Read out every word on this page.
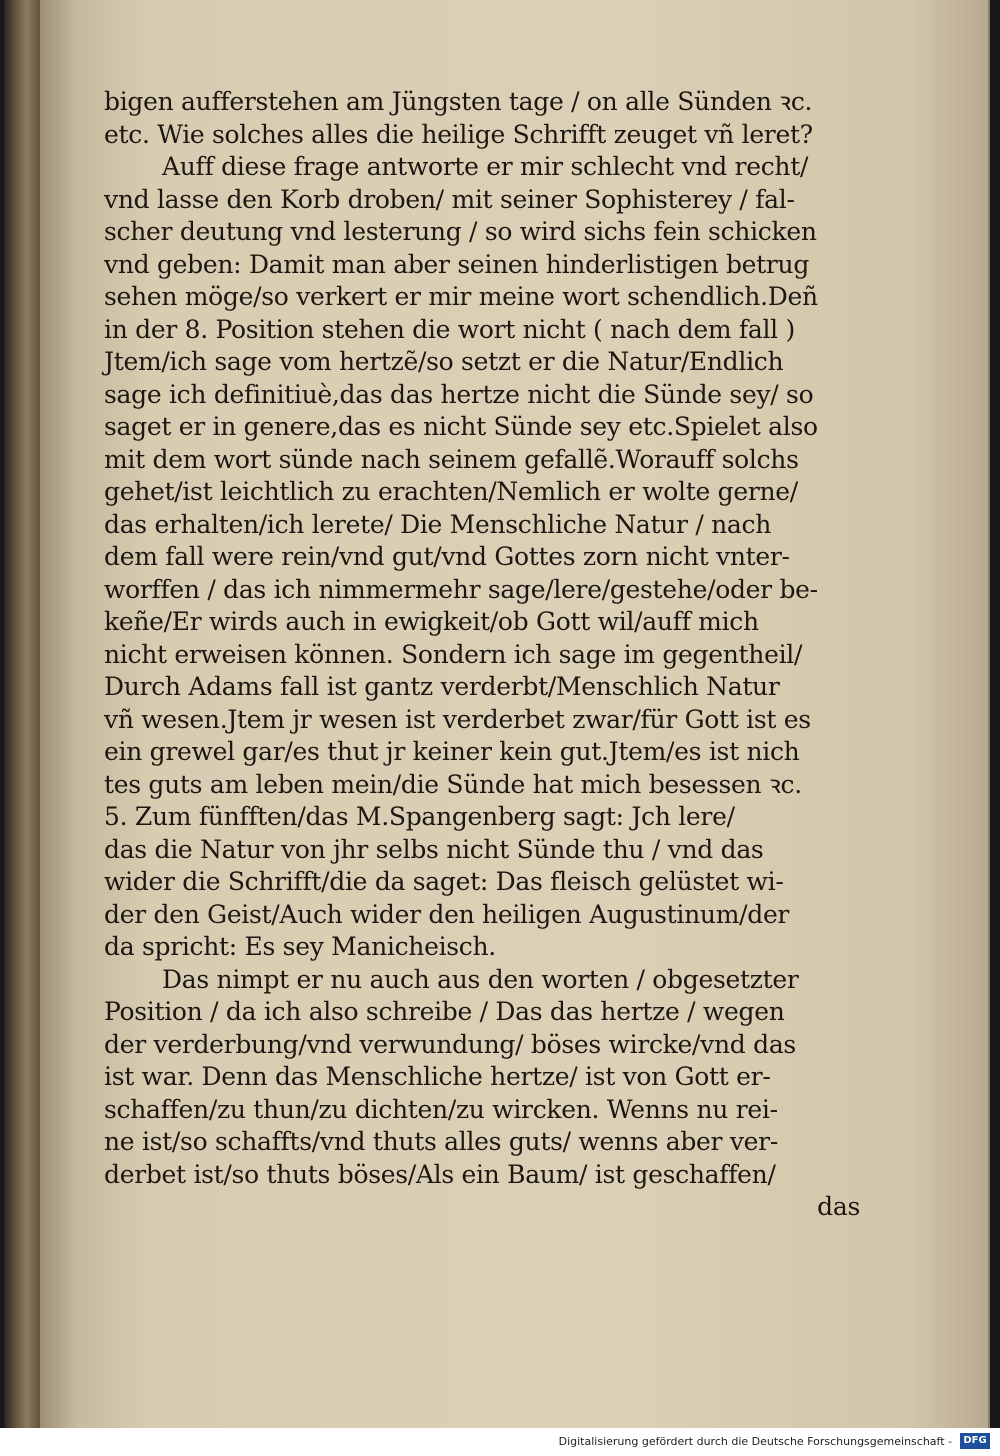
bigen aufferstehen am Jüngsten tage / on alle Sünden ꝛc.
etc. Wie solches alles die heilige Schrifft zeuget vñ leret?
Auff diese frage antworte er mir schlecht vnd recht/
vnd lasse den Korb droben/ mit seiner Sophisterey / fal-
scher deutung vnd lesterung / so wird sichs fein schicken
vnd geben: Damit man aber seinen hinderlistigen betrug
sehen möge/so verkert er mir meine wort schendlich.Deñ
in der 8. Position stehen die wort nicht ( nach dem fall )
Jtem/ich sage vom hertzẽ/so setzt er die Natur/Endlich
sage ich definitiuè,das das hertze nicht die Sünde sey/ so
saget er in genere,das es nicht Sünde sey etc.Spielet also
mit dem wort sünde nach seinem gefallẽ.Worauff solchs
gehet/ist leichtlich zu erachten/Nemlich er wolte gerne/
das erhalten/ich lerete/ Die Menschliche Natur / nach
dem fall were rein/vnd gut/vnd Gottes zorn nicht vnter-
worffen / das ich nimmermehr sage/lere/gestehe/oder be-
keñe/Er wirds auch in ewigkeit/ob Gott wil/auff mich
nicht erweisen können. Sondern ich sage im gegentheil/
Durch Adams fall ist gantz verderbt/Menschlich Natur
vñ wesen.Jtem jr wesen ist verderbet zwar/für Gott ist es
ein grewel gar/es thut jr keiner kein gut.Jtem/es ist nich
tes guts am leben mein/die Sünde hat mich besessen ꝛc.
5. Zum fünfften/das M.Spangenberg sagt: Jch lere/
das die Natur von jhr selbs nicht Sünde thu / vnd das
wider die Schrifft/die da saget: Das fleisch gelüstet wi-
der den Geist/Auch wider den heiligen Augustinum/der
da spricht: Es sey Manicheisch.
Das nimpt er nu auch aus den worten / obgesetzter
Position / da ich also schreibe / Das das hertze / wegen
der verderbung/vnd verwundung/ böses wircke/vnd das
ist war. Denn das Menschliche hertze/ ist von Gott er-
schaffen/zu thun/zu dichten/zu wircken. Wenns nu rei-
ne ist/so schaffts/vnd thuts alles guts/ wenns aber ver-
derbet ist/so thuts böses/Als ein Baum/ ist geschaffen/
das
Digitalisierung gefördert durch die Deutsche Forschungsgemeinschaft -	DFG
